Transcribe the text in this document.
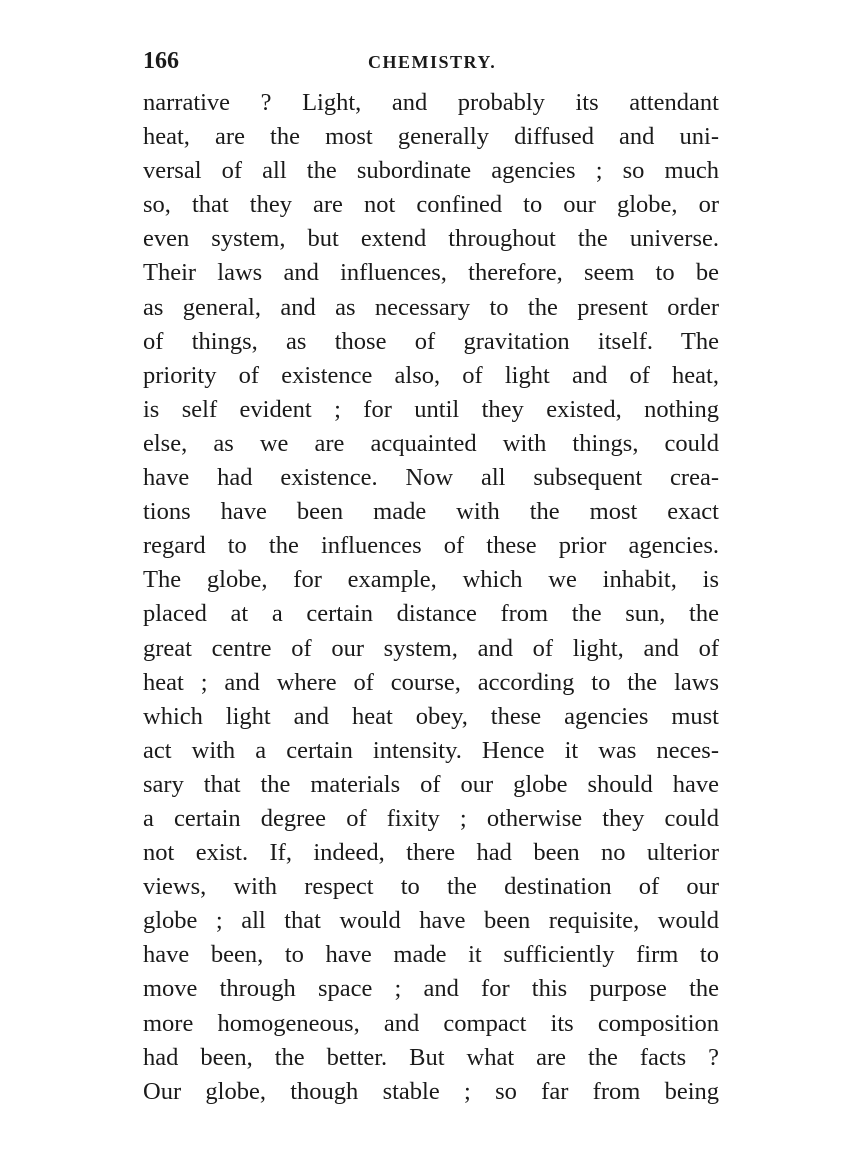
166	CHEMISTRY.
narrative ? Light, and probably its attendant
heat, are the most generally diffused and uni-
versal of all the subordinate agencies ; so much
so, that they are not confined to our globe, or
even system, but extend throughout the universe.
Their laws and influences, therefore, seem to be
as general, and as necessary to the present order
of things, as those of gravitation itself. The
priority of existence also, of light and of heat,
is self evident ; for until they existed, nothing
else, as we are acquainted with things, could
have had existence. Now all subsequent crea-
tions have been made with the most exact
regard to the influences of these prior agencies.
The globe, for example, which we inhabit, is
placed at a certain distance from the sun, the
great centre of our system, and of light, and of
heat ; and where of course, according to the laws
which light and heat obey, these agencies must
act with a certain intensity. Hence it was neces-
sary that the materials of our globe should have
a certain degree of fixity ; otherwise they could
not exist. If, indeed, there had been no ulterior
views, with respect to the destination of our
globe ; all that would have been requisite, would
have been, to have made it sufficiently firm to
move through space ; and for this purpose the
more homogeneous, and compact its composition
had been, the better. But what are the facts ?
Our globe, though stable ; so far from being
